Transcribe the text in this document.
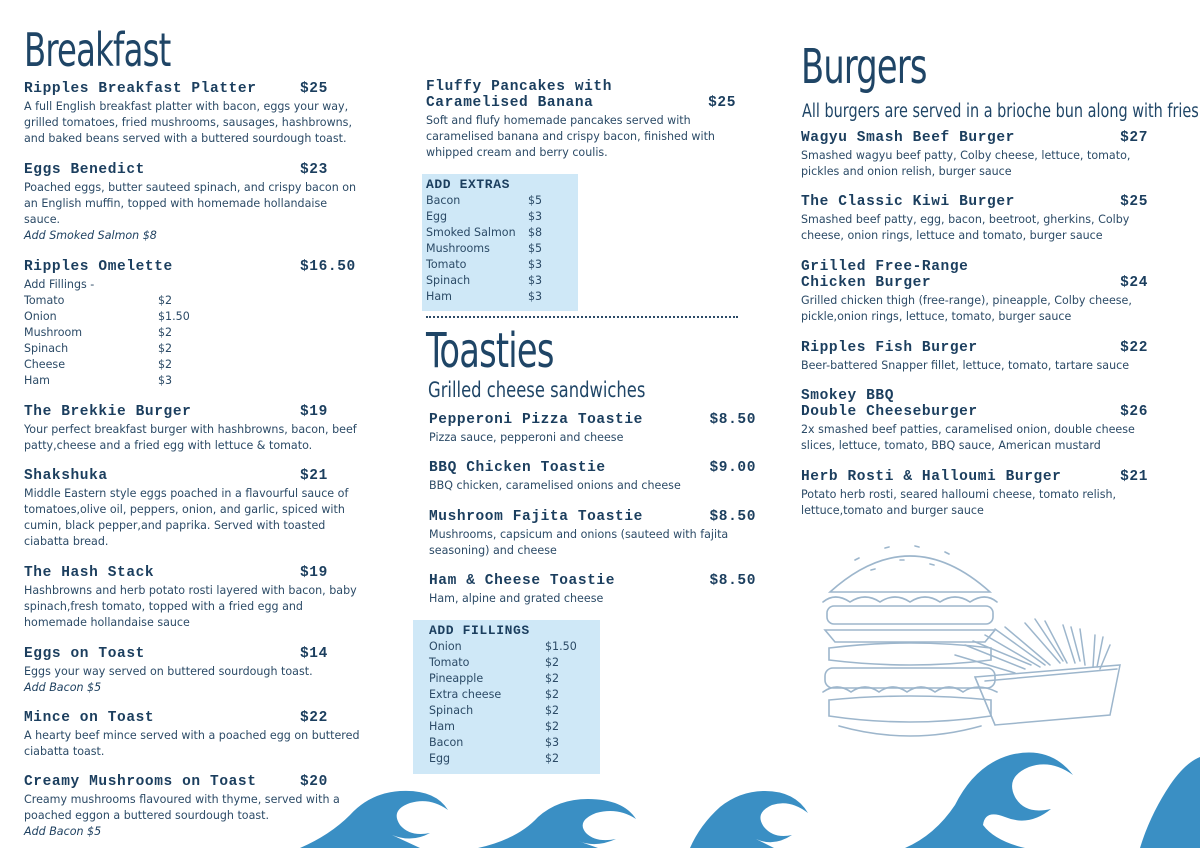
Breakfast
Ripples Breakfast Platter	$25
A full English breakfast platter with bacon, eggs your way, grilled tomatoes, fried mushrooms, sausages, hashbrowns, and baked beans served with a buttered sourdough toast.
Eggs Benedict	$23
Poached eggs, butter sauteed spinach, and crispy bacon on an English muffin, topped with homemade hollandaise sauce.
Add Smoked Salmon $8
Ripples Omelette	$16.50
Add Fillings -
Tomato	$2
Onion	$1.50
Mushroom	$2
Spinach	$2
Cheese	$2
Ham	$3
The Brekkie Burger	$19
Your perfect breakfast burger with hashbrowns, bacon, beef patty,cheese and a fried egg with lettuce & tomato.
Shakshuka	$21
Middle Eastern style eggs poached in a flavourful sauce of tomatoes,olive oil, peppers, onion, and garlic, spiced with cumin, black pepper,and paprika. Served with toasted ciabatta bread.
The Hash Stack	$19
Hashbrowns and herb potato rosti layered with bacon, baby spinach,fresh tomato, topped with a fried egg and homemade hollandaise sauce
Eggs on Toast	$14
Eggs your way served on buttered sourdough toast.
Add Bacon $5
Mince on Toast	$22
A hearty beef mince served with a poached egg on buttered ciabatta toast.
Creamy Mushrooms on Toast	$20
Creamy mushrooms flavoured with thyme, served with a poached eggon a buttered sourdough toast.
Add Bacon $5
Fluffy Pancakes with
Caramelised Banana	$25
Soft and flufy homemade pancakes served with caramelised banana and crispy bacon, finished with whipped cream and berry coulis.
ADD EXTRAS
Bacon	$5
Egg	$3
Smoked Salmon	$8
Mushrooms	$5
Tomato	$3
Spinach	$3
Ham	$3
Toasties
Grilled cheese sandwiches
Pepperoni Pizza Toastie	$8.50
Pizza sauce, pepperoni and cheese
BBQ Chicken Toastie	$9.00
BBQ chicken, caramelised onions and cheese
Mushroom Fajita Toastie	$8.50
Mushrooms, capsicum and onions (sauteed with fajita seasoning) and cheese
Ham & Cheese Toastie	$8.50
Ham, alpine and grated cheese
ADD FILLINGS
Onion	$1.50
Tomato	$2
Pineapple	$2
Extra cheese	$2
Spinach	$2
Ham	$2
Bacon	$3
Egg	$2
Burgers
All burgers are served in a brioche bun along with fries
Wagyu Smash Beef Burger	$27
Smashed wagyu beef patty, Colby cheese, lettuce, tomato, pickles and onion relish, burger sauce
The Classic Kiwi Burger	$25
Smashed beef patty, egg, bacon, beetroot, gherkins, Colby cheese, onion rings, lettuce and tomato, burger sauce
Grilled Free-Range
Chicken Burger	$24
Grilled chicken thigh (free-range), pineapple, Colby cheese, pickle,onion rings, lettuce, tomato, burger sauce
Ripples Fish Burger	$22
Beer-battered Snapper fillet, lettuce, tomato, tartare sauce
Smokey BBQ
Double Cheeseburger	$26
2x smashed beef patties, caramelised onion, double cheese slices, lettuce, tomato, BBQ sauce, American mustard
Herb Rosti & Halloumi Burger	$21
Potato herb rosti, seared halloumi cheese, tomato relish, lettuce,tomato and burger sauce
